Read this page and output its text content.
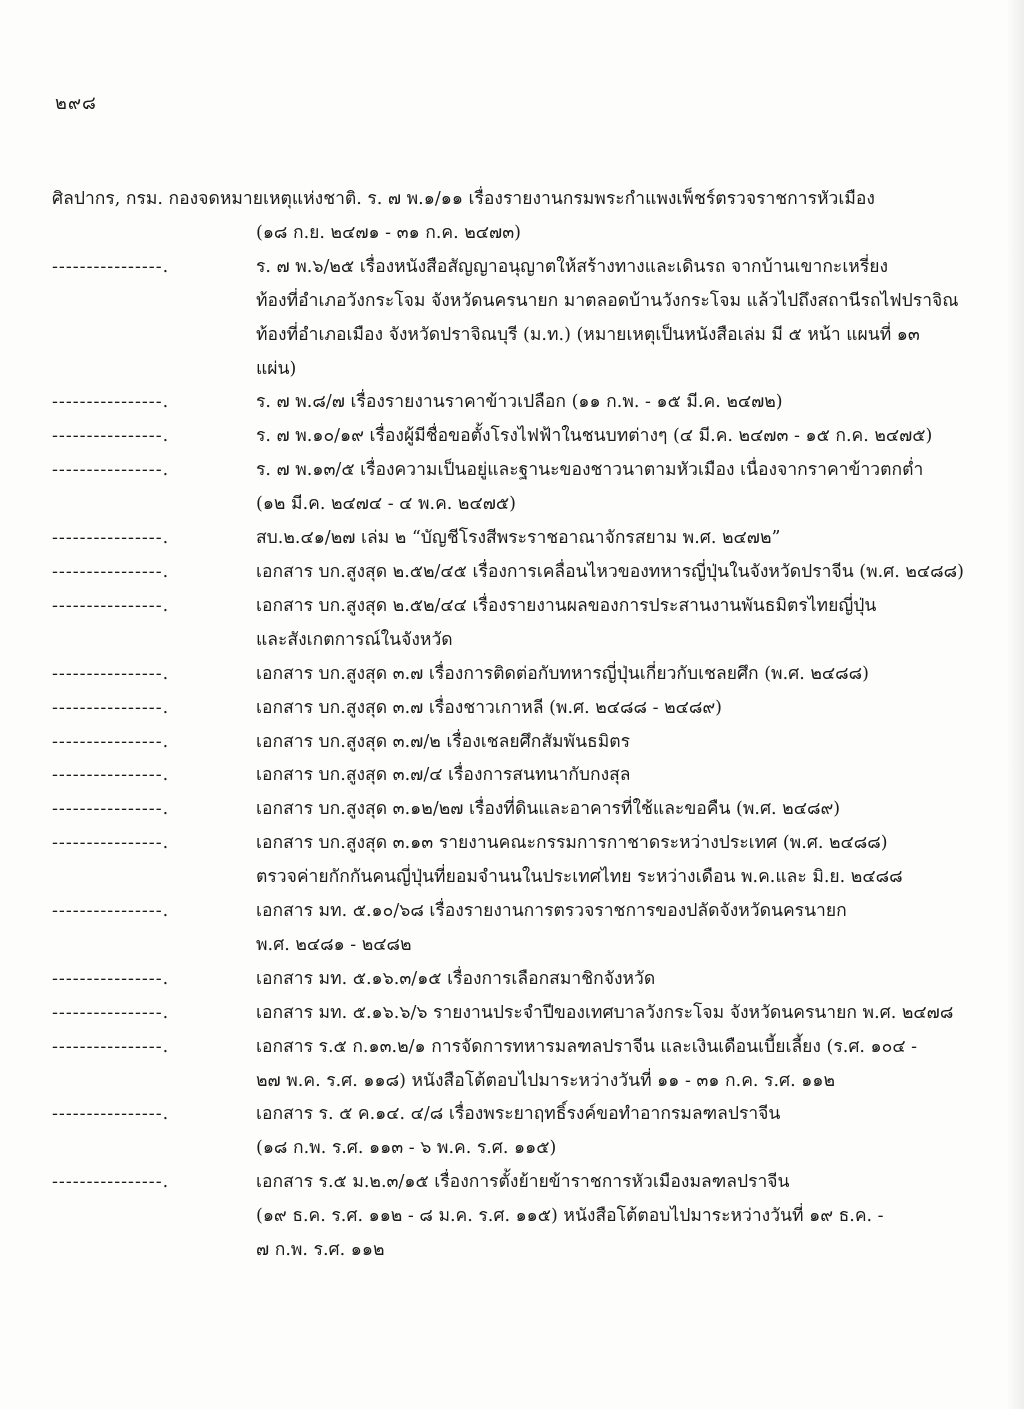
๒๙๘
ศิลปากร, กรม. กองจดหมายเหตุแห่งชาติ. ร. ๗ พ.๑/๑๑ เรื่องรายงานกรมพระกำแพงเพ็ชร์ตรวจราชการหัวเมือง
(๑๘ ก.ย. ๒๔๗๑ - ๓๑ ก.ค. ๒๔๗๓)
----------------.	ร. ๗ พ.๖/๒๕ เรื่องหนังสือสัญญาอนุญาตให้สร้างทางและเดินรถ จากบ้านเขากะเหรี่ยง
ท้องที่อำเภอวังกระโจม จังหวัดนครนายก มาตลอดบ้านวังกระโจม แล้วไปถึงสถานีรถไฟปราจิณ
ท้องที่อำเภอเมือง จังหวัดปราจิณบุรี (ม.ท.) (หมายเหตุเป็นหนังสือเล่ม มี ๕ หน้า แผนที่ ๑๓
แผ่น)
----------------.	ร. ๗ พ.๘/๗ เรื่องรายงานราคาข้าวเปลือก (๑๑ ก.พ. - ๑๕ มี.ค. ๒๔๗๒)
----------------.	ร. ๗ พ.๑๐/๑๙ เรื่องผู้มีชื่อขอตั้งโรงไฟฟ้าในชนบทต่างๆ (๔ มี.ค. ๒๔๗๓ - ๑๕ ก.ค. ๒๔๗๕)
----------------.	ร. ๗ พ.๑๓/๕ เรื่องความเป็นอยู่และฐานะของชาวนาตามหัวเมือง เนื่องจากราคาข้าวตกต่ำ
(๑๒ มี.ค. ๒๔๗๔ - ๔ พ.ค. ๒๔๗๕)
----------------.	สบ.๒.๔๑/๒๗ เล่ม ๒ “บัญชีโรงสีพระราชอาณาจักรสยาม พ.ศ. ๒๔๗๒”
----------------.	เอกสาร บก.สูงสุด ๒.๕๒/๔๕ เรื่องการเคลื่อนไหวของทหารญี่ปุ่นในจังหวัดปราจีน (พ.ศ. ๒๔๘๘)
----------------.	เอกสาร บก.สูงสุด ๒.๕๒/๔๔ เรื่องรายงานผลของการประสานงานพันธมิตรไทยญี่ปุ่น
และสังเกตการณ์ในจังหวัด
----------------.	เอกสาร บก.สูงสุด ๓.๗ เรื่องการติดต่อกับทหารญี่ปุ่นเกี่ยวกับเชลยศึก (พ.ศ. ๒๔๘๘)
----------------.	เอกสาร บก.สูงสุด ๓.๗ เรื่องชาวเกาหลี (พ.ศ. ๒๔๘๘ - ๒๔๘๙)
----------------.	เอกสาร บก.สูงสุด ๓.๗/๒ เรื่องเชลยศึกสัมพันธมิตร
----------------.	เอกสาร บก.สูงสุด ๓.๗/๔ เรื่องการสนทนากับกงสุล
----------------.	เอกสาร บก.สูงสุด ๓.๑๒/๒๗ เรื่องที่ดินและอาคารที่ใช้และขอคืน (พ.ศ. ๒๔๘๙)
----------------.	เอกสาร บก.สูงสุด ๓.๑๓ รายงานคณะกรรมการกาชาดระหว่างประเทศ (พ.ศ. ๒๔๘๘)
ตรวจค่ายกักกันคนญี่ปุ่นที่ยอมจำนนในประเทศไทย ระหว่างเดือน พ.ค.และ มิ.ย. ๒๔๘๘
----------------.	เอกสาร มท. ๕.๑๐/๖๘ เรื่องรายงานการตรวจราชการของปลัดจังหวัดนครนายก
พ.ศ. ๒๔๘๑ - ๒๔๘๒
----------------.	เอกสาร มท. ๕.๑๖.๓/๑๕ เรื่องการเลือกสมาชิกจังหวัด
----------------.	เอกสาร มท. ๕.๑๖.๖/๖ รายงานประจำปีของเทศบาลวังกระโจม จังหวัดนครนายก พ.ศ. ๒๔๗๘
----------------.	เอกสาร ร.๕ ก.๑๓.๒/๑ การจัดการทหารมลฑลปราจีน และเงินเดือนเบี้ยเลี้ยง (ร.ศ. ๑๐๔ -
๒๗ พ.ค. ร.ศ. ๑๑๘) หนังสือโต้ตอบไปมาระหว่างวันที่ ๑๑ - ๓๑ ก.ค. ร.ศ. ๑๑๒
----------------.	เอกสาร ร. ๕ ค.๑๔. ๔/๘ เรื่องพระยาฤทธิ์รงค์ขอทำอากรมลฑลปราจีน
(๑๘ ก.พ. ร.ศ. ๑๑๓ - ๖ พ.ค. ร.ศ. ๑๑๕)
----------------.	เอกสาร ร.๕ ม.๒.๓/๑๕ เรื่องการตั้งย้ายข้าราชการหัวเมืองมลฑลปราจีน
(๑๙ ธ.ค. ร.ศ. ๑๑๒ - ๘ ม.ค. ร.ศ. ๑๑๕) หนังสือโต้ตอบไปมาระหว่างวันที่ ๑๙ ธ.ค. -
๗ ก.พ. ร.ศ. ๑๑๒
